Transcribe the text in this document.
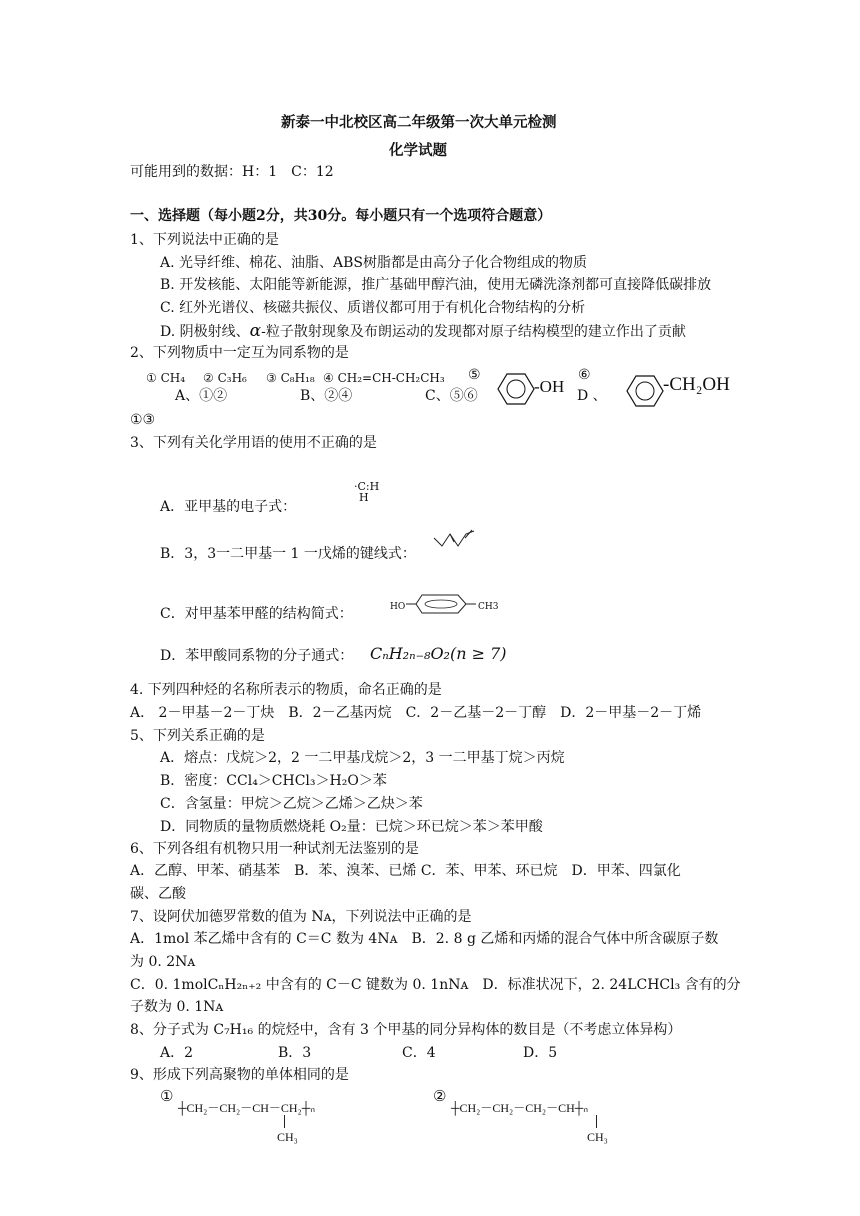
新泰一中北校区高二年级第一次大单元检测
化学试题
可能用到的数据：H：1　C：12
一、选择题（每小题2分，共30分。每小题只有一个选项符合题意）
1、下列说法中正确的是
A. 光导纤维、棉花、油脂、ABS树脂都是由高分子化合物组成的物质
B. 开发核能、太阳能等新能源，推广基础甲醇汽油，使用无磷洗涤剂都可直接降低碳排放
C. 红外光谱仪、核磁共振仪、质谱仪都可用于有机化合物结构的分析
D. 阴极射线、α-粒子散射现象及布朗运动的发现都对原子结构模型的建立作出了贡献
2、下列物质中一定互为同系物的是
① CH₄ ② C₃H₆ ③ C₈H₁₈ ④ CH₂=CH-CH₂CH₃ ⑤	⑥
-OH	-CH₂OH
A、①②	B、②④	C、⑤⑥	D 、
①③
3、下列有关化学用语的使用不正确的是
A．亚甲基的电子式：
·C:H
H
B．3，3一二甲基一 1 一戊烯的键线式：
C．对甲基苯甲醛的结构简式：	HO	CH3
D．苯甲酸同系物的分子通式： CₙH₂ₙ₋₈O₂(n ≥ 7)
4. 下列四种烃的名称所表示的物质，命名正确的是
A． 2－甲基－2－丁炔　B．2－乙基丙烷　C．2－乙基－2－丁醇　D．2－甲基－2－丁烯
5、下列关系正确的是
A．熔点：戊烷＞2，2 一二甲基戊烷＞2，3 一二甲基丁烷＞丙烷
B．密度：CCl₄＞CHCl₃＞H₂O＞苯
C．含氢量：甲烷＞乙烷＞乙烯＞乙炔＞苯
D．同物质的量物质燃烧耗 O₂量：已烷＞环已烷＞苯＞苯甲酸
6、下列各组有机物只用一种试剂无法鉴别的是
A．乙醇、甲苯、硝基苯　B．苯、溴苯、已烯 C．苯、甲苯、环已烷　D．甲苯、四氯化
碳、乙酸
7、设阿伏加德罗常数的值为 Nᴀ，下列说法中正确的是
A．1mol 苯乙烯中含有的 C＝C 数为 4Nᴀ　B．2. 8 g 乙烯和丙烯的混合气体中所含碳原子数
为 0. 2Nᴀ
C．0. 1molCₙH₂ₙ₊₂ 中含有的 C－C 键数为 0. 1nNᴀ　D．标准状况下，2. 24LCHCl₃ 含有的分
子数为 0. 1Nᴀ
8、分子式为 C₇H₁₆ 的烷烃中，含有 3 个甲基的同分异构体的数目是（不考虑立体异构）
A．2	B．3	C．4	D．5
9、形成下列高聚物的单体相同的是
①
┼CH₂－CH₂－CH－CH₂┼ₙ
CH₃
②
┼CH₂－CH₂－CH₂－CH┼ₙ
CH₃
